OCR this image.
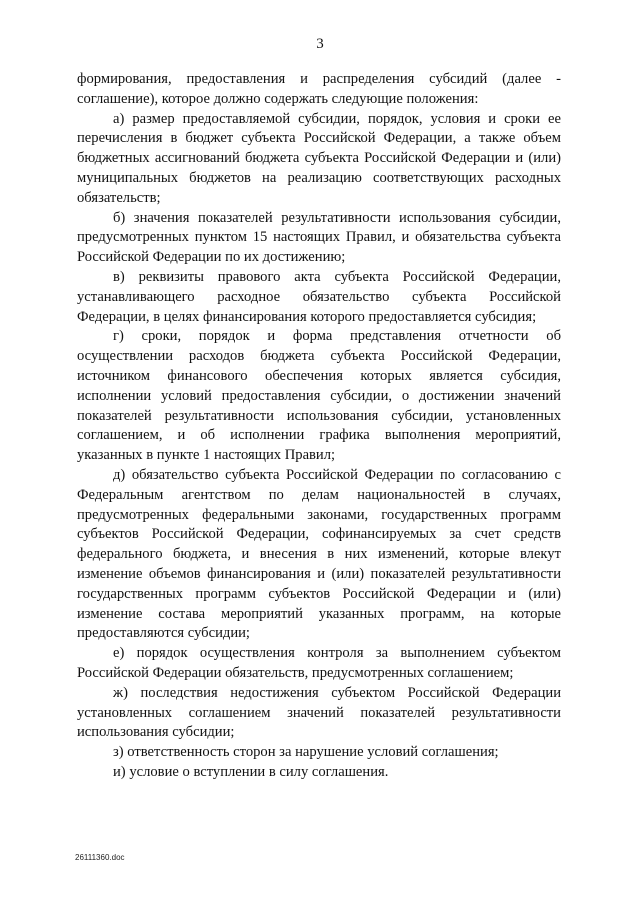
3

формирования, предоставления и распределения субсидий (далее - соглашение), которое должно содержать следующие положения:

а) размер предоставляемой субсидии, порядок, условия и сроки ее перечисления в бюджет субъекта Российской Федерации, а также объем бюджетных ассигнований бюджета субъекта Российской Федерации и (или) муниципальных бюджетов на реализацию соответствующих расходных обязательств;

б) значения показателей результативности использования субсидии, предусмотренных пунктом 15 настоящих Правил, и обязательства субъекта Российской Федерации по их достижению;

в) реквизиты правового акта субъекта Российской Федерации, устанавливающего расходное обязательство субъекта Российской Федерации, в целях финансирования которого предоставляется субсидия;

г) сроки, порядок и форма представления отчетности об осуществлении расходов бюджета субъекта Российской Федерации, источником финансового обеспечения которых является субсидия, исполнении условий предоставления субсидии, о достижении значений показателей результативности использования субсидии, установленных соглашением, и об исполнении графика выполнения мероприятий, указанных в пункте 1 настоящих Правил;

д) обязательство субъекта Российской Федерации по согласованию с Федеральным агентством по делам национальностей в случаях, предусмотренных федеральными законами, государственных программ субъектов Российской Федерации, софинансируемых за счет средств федерального бюджета, и внесения в них изменений, которые влекут изменение объемов финансирования и (или) показателей результативности государственных программ субъектов Российской Федерации и (или) изменение состава мероприятий указанных программ, на которые предоставляются субсидии;

е) порядок осуществления контроля за выполнением субъектом Российской Федерации обязательств, предусмотренных соглашением;

ж) последствия недостижения субъектом Российской Федерации установленных соглашением значений показателей результативности использования субсидии;

з) ответственность сторон за нарушение условий соглашения;

и) условие о вступлении в силу соглашения.

26111360.doc
